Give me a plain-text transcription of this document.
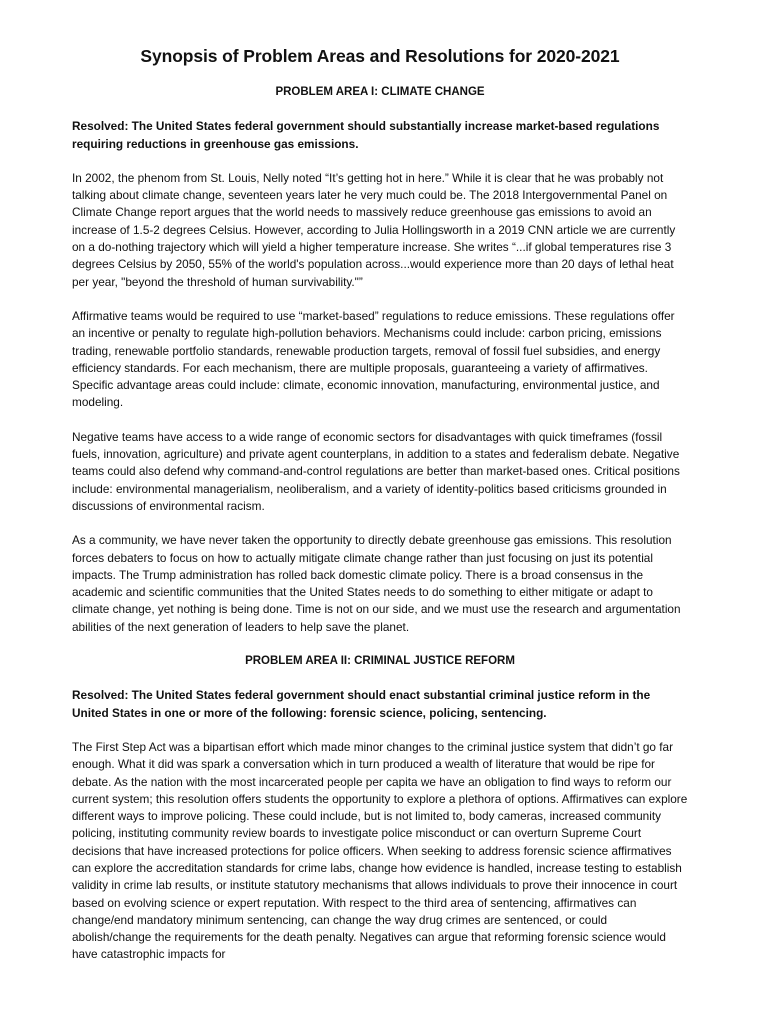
Synopsis of Problem Areas and Resolutions for 2020-2021
PROBLEM AREA I: CLIMATE CHANGE

Resolved: The United States federal government should substantially increase market-based regulations requiring reductions in greenhouse gas emissions.

In 2002, the phenom from St. Louis, Nelly noted “It’s getting hot in here.” While it is clear that he was probably not talking about climate change, seventeen years later he very much could be. The 2018 Intergovernmental Panel on Climate Change report argues that the world needs to massively reduce greenhouse gas emissions to avoid an increase of 1.5-2 degrees Celsius. However, according to Julia Hollingsworth in a 2019 CNN article we are currently on a do-nothing trajectory which will yield a higher temperature increase. She writes “...if global temperatures rise 3 degrees Celsius by 2050, 55% of the world's population across...would experience more than 20 days of lethal heat per year, "beyond the threshold of human survivability."”

Affirmative teams would be required to use “market-based” regulations to reduce emissions. These regulations offer an incentive or penalty to regulate high-pollution behaviors. Mechanisms could include: carbon pricing, emissions trading, renewable portfolio standards, renewable production targets, removal of fossil fuel subsidies, and energy efficiency standards. For each mechanism, there are multiple proposals, guaranteeing a variety of affirmatives. Specific advantage areas could include: climate, economic innovation, manufacturing, environmental justice, and modeling.

Negative teams have access to a wide range of economic sectors for disadvantages with quick timeframes (fossil fuels, innovation, agriculture) and private agent counterplans, in addition to a states and federalism debate. Negative teams could also defend why command-and-control regulations are better than market-based ones. Critical positions include: environmental managerialism, neoliberalism, and a variety of identity-politics based criticisms grounded in discussions of environmental racism.

As a community, we have never taken the opportunity to directly debate greenhouse gas emissions. This resolution forces debaters to focus on how to actually mitigate climate change rather than just focusing on just its potential impacts. The Trump administration has rolled back domestic climate policy. There is a broad consensus in the academic and scientific communities that the United States needs to do something to either mitigate or adapt to climate change, yet nothing is being done. Time is not on our side, and we must use the research and argumentation abilities of the next generation of leaders to help save the planet.

PROBLEM AREA II: CRIMINAL JUSTICE REFORM

Resolved: The United States federal government should enact substantial criminal justice reform in the United States in one or more of the following: forensic science, policing, sentencing.

The First Step Act was a bipartisan effort which made minor changes to the criminal justice system that didn’t go far enough. What it did was spark a conversation which in turn produced a wealth of literature that would be ripe for debate. As the nation with the most incarcerated people per capita we have an obligation to find ways to reform our current system; this resolution offers students the opportunity to explore a plethora of options. Affirmatives can explore different ways to improve policing. These could include, but is not limited to, body cameras, increased community policing, instituting community review boards to investigate police misconduct or can overturn Supreme Court decisions that have increased protections for police officers. When seeking to address forensic science affirmatives can explore the accreditation standards for crime labs, change how evidence is handled, increase testing to establish validity in crime lab results, or institute statutory mechanisms that allows individuals to prove their innocence in court based on evolving science or expert reputation. With respect to the third area of sentencing, affirmatives can change/end mandatory minimum sentencing, can change the way drug crimes are sentenced, or could abolish/change the requirements for the death penalty. Negatives can argue that reforming forensic science would have catastrophic impacts for
